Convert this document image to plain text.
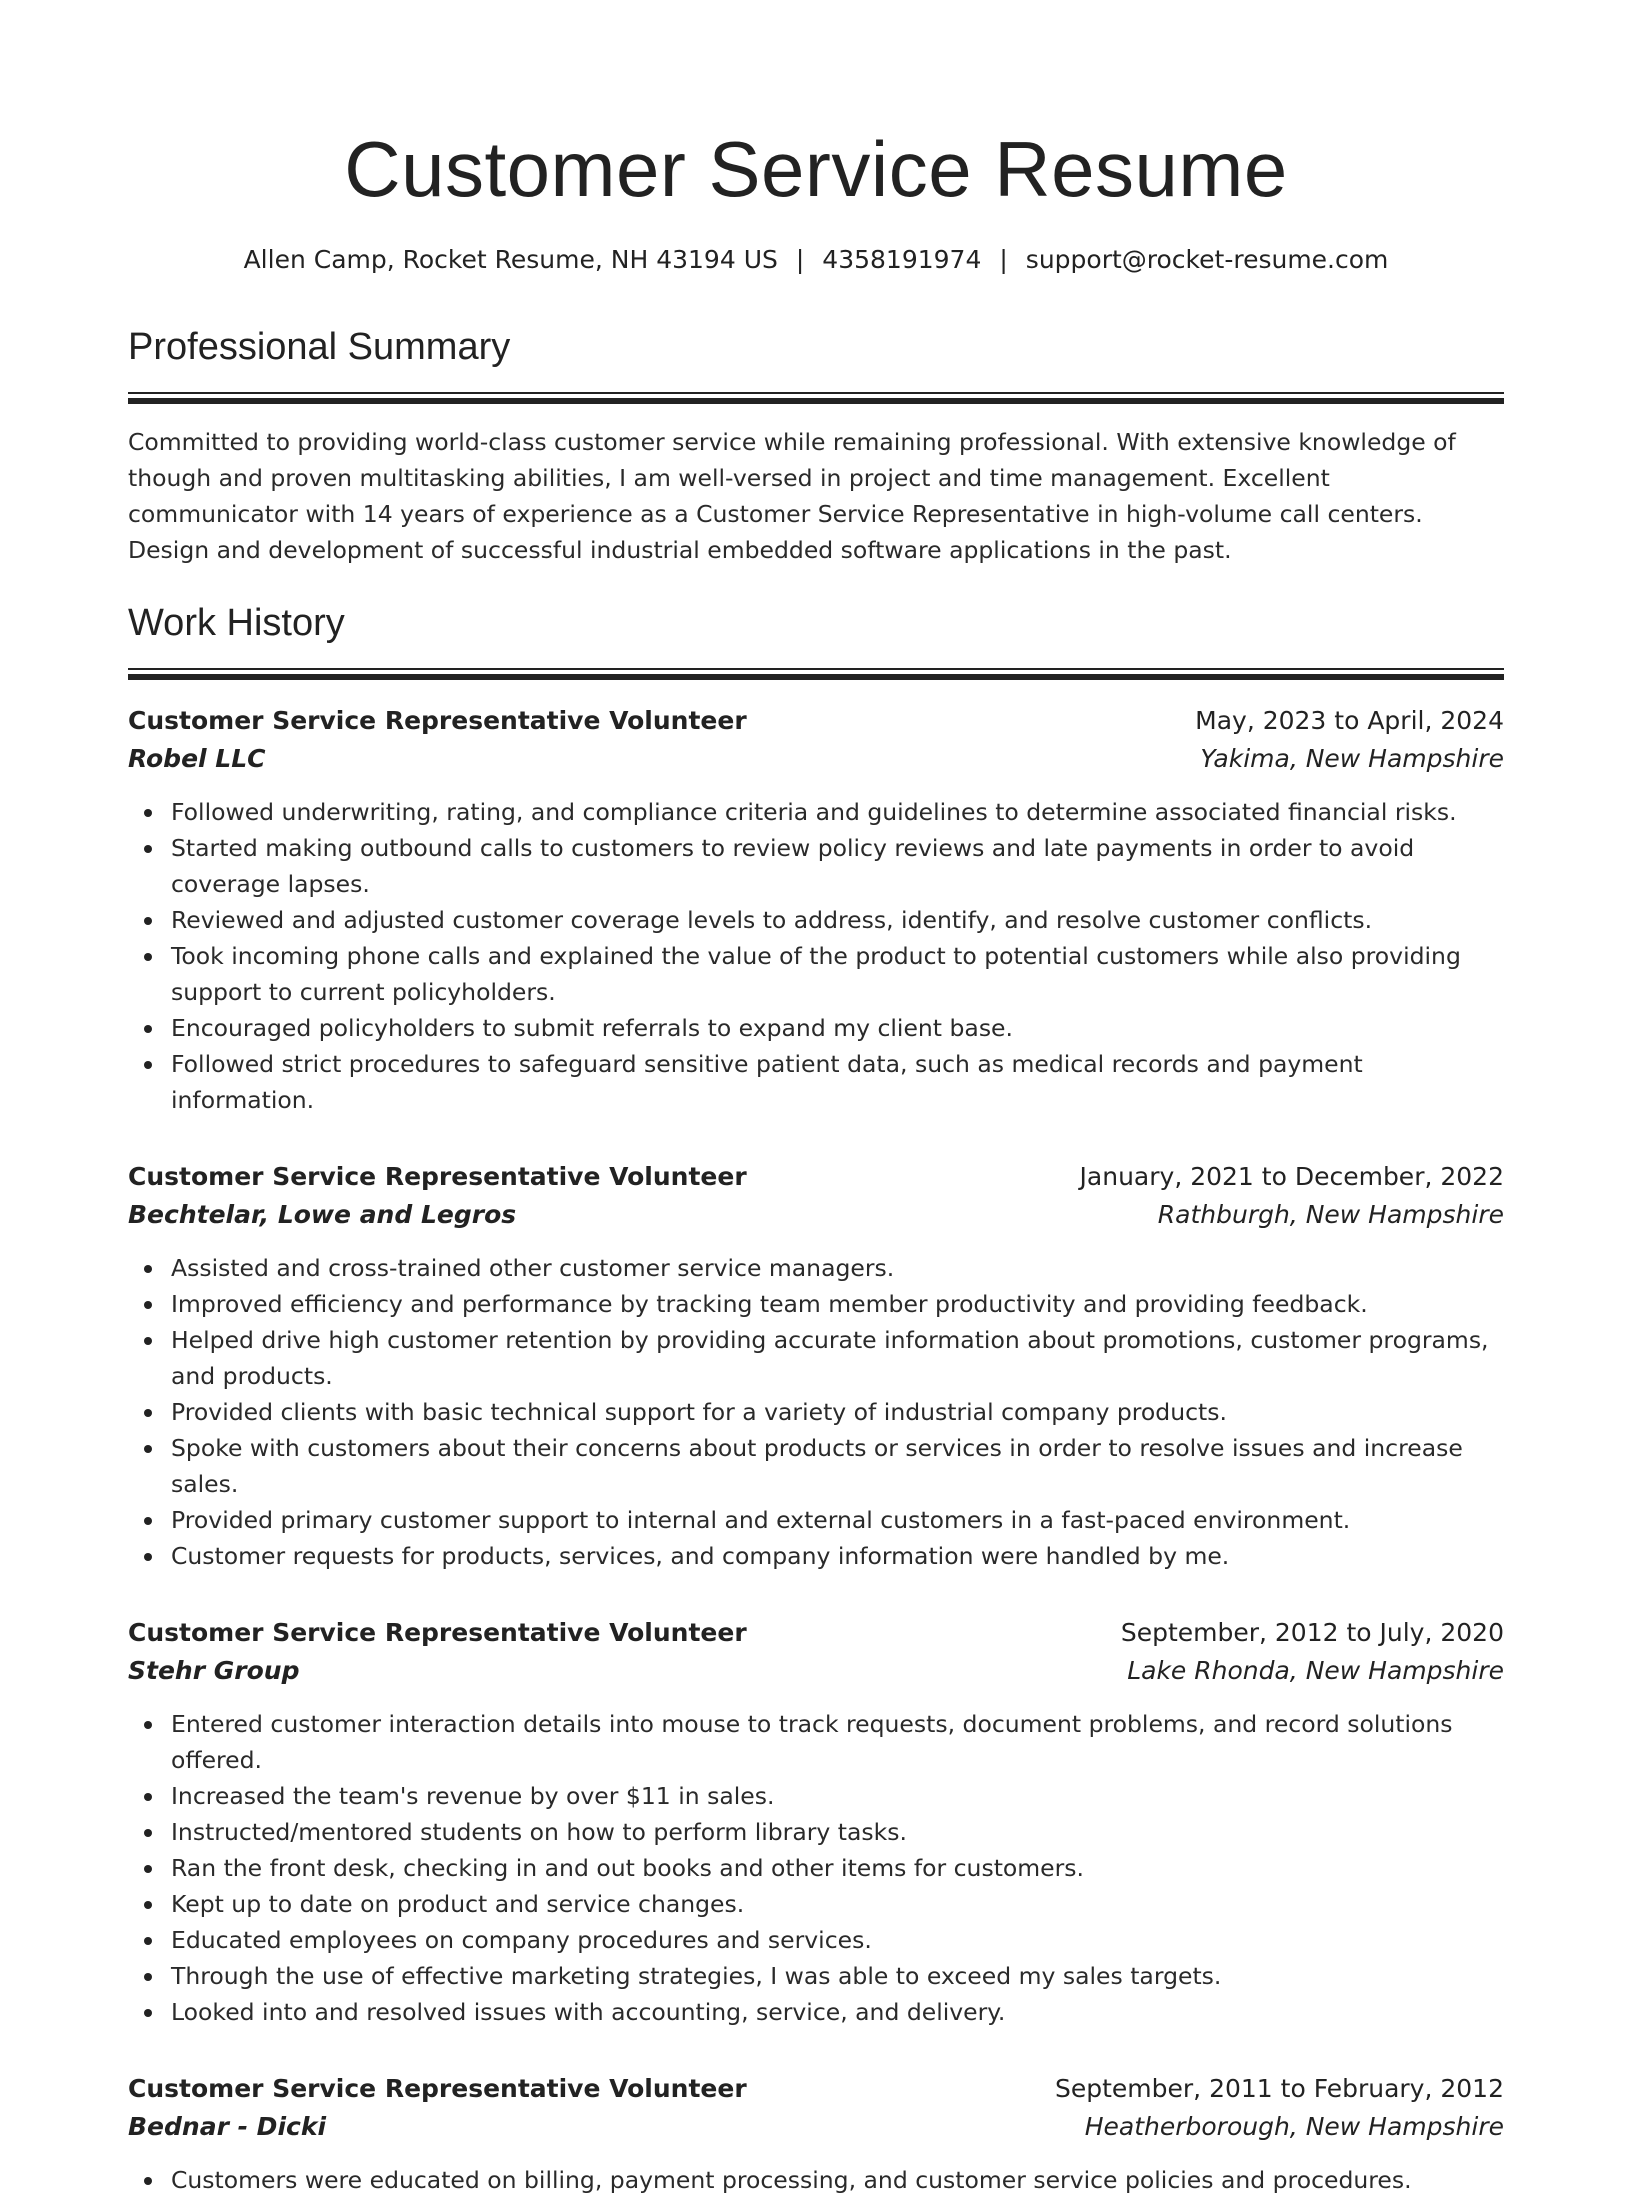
Customer Service Resume
Allen Camp, Rocket Resume, NH 43194 US | 4358191974 | support@rocket-resume.com
Professional Summary

Committed to providing world-class customer service while remaining professional. With extensive knowledge of though and proven multitasking abilities, I am well-versed in project and time management. Excellent communicator with 14 years of experience as a Customer Service Representative in high-volume call centers. Design and development of successful industrial embedded software applications in the past.

Work History
Customer Service Representative Volunteer	May, 2023 to April, 2024
Robel LLC	Yakima, New Hampshire
Followed underwriting, rating, and compliance criteria and guidelines to determine associated financial risks.
Started making outbound calls to customers to review policy reviews and late payments in order to avoid coverage lapses.
Reviewed and adjusted customer coverage levels to address, identify, and resolve customer conflicts.
Took incoming phone calls and explained the value of the product to potential customers while also providing support to current policyholders.
Encouraged policyholders to submit referrals to expand my client base.
Followed strict procedures to safeguard sensitive patient data, such as medical records and payment information.
Customer Service Representative Volunteer	January, 2021 to December, 2022
Bechtelar, Lowe and Legros	Rathburgh, New Hampshire
Assisted and cross-trained other customer service managers.
Improved efficiency and performance by tracking team member productivity and providing feedback.
Helped drive high customer retention by providing accurate information about promotions, customer programs, and products.
Provided clients with basic technical support for a variety of industrial company products.
Spoke with customers about their concerns about products or services in order to resolve issues and increase sales.
Provided primary customer support to internal and external customers in a fast-paced environment.
Customer requests for products, services, and company information were handled by me.
Customer Service Representative Volunteer	September, 2012 to July, 2020
Stehr Group	Lake Rhonda, New Hampshire
Entered customer interaction details into mouse to track requests, document problems, and record solutions offered.
Increased the team's revenue by over $11 in sales.
Instructed/mentored students on how to perform library tasks.
Ran the front desk, checking in and out books and other items for customers.
Kept up to date on product and service changes.
Educated employees on company procedures and services.
Through the use of effective marketing strategies, I was able to exceed my sales targets.
Looked into and resolved issues with accounting, service, and delivery.
Customer Service Representative Volunteer	September, 2011 to February, 2012
Bednar - Dicki	Heatherborough, New Hampshire
Customers were educated on billing, payment processing, and customer service policies and procedures.
